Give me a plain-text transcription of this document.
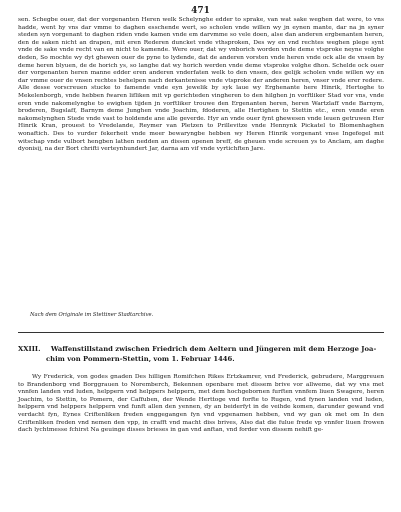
471
sen. Schegbe ouer, dat der vorgenanten Heren welk Schelynghe edder to sprake, van wat sake weghen dat were, to vns hadde, went hy vns dar vmme to daghen esschende wert, so scholen vnde willen wy jn eynen mante, dar na jn syner steden syn vorgenant to daghen riden vnde kamen vnde em darvmme so vele doen, alse dan anderen ergbenanten heren, den de saken nicht an drapen, mit eren Rederen duncket vnde vthsproken, Des wy en vnd rechtes weghen plege synt vnde de sake vnde recht van en nicht to kamende. Were ouer, dat wy vnborich worden vnde deme vtsproke neyne volghe deden, So mochte wy dyt ghewen ouer de pyne to lydende, dat de anderen vorsten vnde heren vnde ock alle de vnsen by deme heren blyuen, de de horich ys, so langhe dat wy horich werden vnde deme vtsproke volghe dhon. Schelde ock ouer der vorgenanten heren manne edder eren anderen vnderfaten welk to den vnsen, des gelijk scholen vnde willen wy en dar vmme ouer de vnsen rechtes behelpen nach derkantenisse vnde vtsproke der anderen heren, vnser vnde erer redere. Alle desse vorscreuen stucke to famende vnde eyn jewelik by syk laue wy Erghenante here Hinrik, Hertoghe to Mekelenborgh, vnde hebben fwaren lifliken mit vp gerichteden vingheren to den hilghen jn vorftliker Stad vor vns, vnde eren vnde nakomelynghe to ewighen tijden jn vorftliker trouwe den Ergenanten heren, heren Wartzlaff vnde Barnym, broderen, Bugslaff, Barnym deme Junghen vnde Joachim, fdoderen, alle Hertighen to Stettin etc., eren vnnde eren nakomelynghen Stede vnde vast to holdende ane alle geverde. Hyr an vnde ouer fynt ghewesen vnde leuen getruwen Her Hinrik Kran, prouest to Vredelande, Reymer van Pletzen to Prillevitze vnde Hennynk Pickatel to Blomenhaghen wonaftich. Des to vurder fekerheit vnde meer bewaryngbe hebben wy Heren Hinrik vorgenant vnse Ingefegel mit witschap vnde vulbort hengben lathen nedden an dissen openen breff, de gheuen vnde screuen ys to Anclam, am daghe dyonisij, na der Bort chrifti verteynhundert Jar, darna am vif vnde vyrtichften Jare.
Nach dem Originale im Stettiner Stadtarchive.
XXIII. Waffenstillstand zwischen Friedrich dem Aeltern und Jüngeren mit dem Herzoge Joa-
chim von Pommern-Stettin, vom 1. Februar 1446.

Wy Frederick, von godes gnaden Des hilligen Romifchen Rikes Ertzkamrer, vnd Frederick, gebrudere, Marggreuen to Brandenborg vnd Borggrauen to Noremberch, Bekennen openbare met dissem brive vor allweme, dat wy vns met vnnfen landen vnd luden, helppern vnd helppers helppern, met dem hochgebornen furften vnnfem liuen Swagere, heren Joachim, to Stettin, to Pomern, der Caffuben, der Wende Herttoge vnd forfte to Rugen, vnd fynen landen vnd luden, helppern vnd helppers helppern vnd funft allen den yennen, dy an beiderfyt in de veihde komen, darunder gewand vnd verdacht fyn, Eynes Criftenliken freden enggegangen fyn vnd vpgenamen hebben, vnd wy gan ok met om In den Criftenliken freden vnd nemen den vpp, in crafft vnd macht diss brives, Also dat die fulue frede vp vnnfer liuen frowen dach lychtmesse fchirst Na geuinge disses brieses in gan vnd anftan, vnd forder von dissem nehift ge-
